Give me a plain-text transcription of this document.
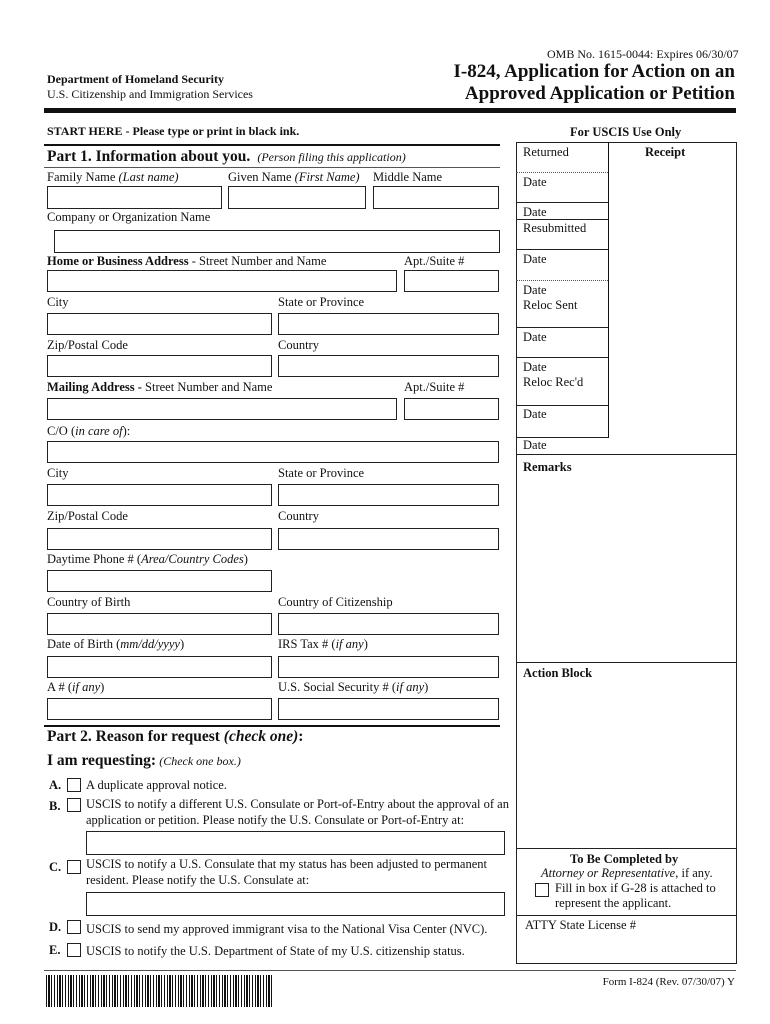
OMB No. 1615-0044: Expires 06/30/07
Department of Homeland Security
U.S. Citizenship and Immigration Services
I-824, Application for Action on an
Approved Application or Petition
START HERE - Please type or print in black ink.	For USCIS Use Only
Part 1. Information about you. (Person filing this application)
Family Name (Last name)	Given Name (First Name) Middle Name
Company or Organization Name
Home or Business Address - Street Number and Name	Apt./Suite #
City	State or Province
Zip/Postal Code	Country
Mailing Address - Street Number and Name	Apt./Suite #
C/O (in care of):
City	State or Province
Zip/Postal Code	Country
Daytime Phone # (Area/Country Codes)
Country of Birth	Country of Citizenship
Date of Birth (mm/dd/yyyy)	IRS Tax # (if any)
A # (if any)	U.S. Social Security # (if any)
Part 2. Reason for request (check one):
I am requesting: (Check one box.)
A. A duplicate approval notice.
B. USCIS to notify a different U.S. Consulate or Port-of-Entry about the approval of an
application or petition. Please notify the U.S. Consulate or Port-of-Entry at:
C. USCIS to notify a U.S. Consulate that my status has been adjusted to permanent
resident. Please notify the U.S. Consulate at:
D. USCIS to send my approved immigrant visa to the National Visa Center (NVC).
E. USCIS to notify the U.S. Department of State of my U.S. citizenship status.
Returned	Receipt
Date
Date
Resubmitted
Date
Date
Reloc Sent
Date
Date
Reloc Rec'd
Date
Date
Remarks
Action Block
To Be Completed by
Attorney or Representative, if any.
Fill in box if G-28 is attached to
represent the applicant.
ATTY State License #
Form I-824 (Rev. 07/30/07) Y
